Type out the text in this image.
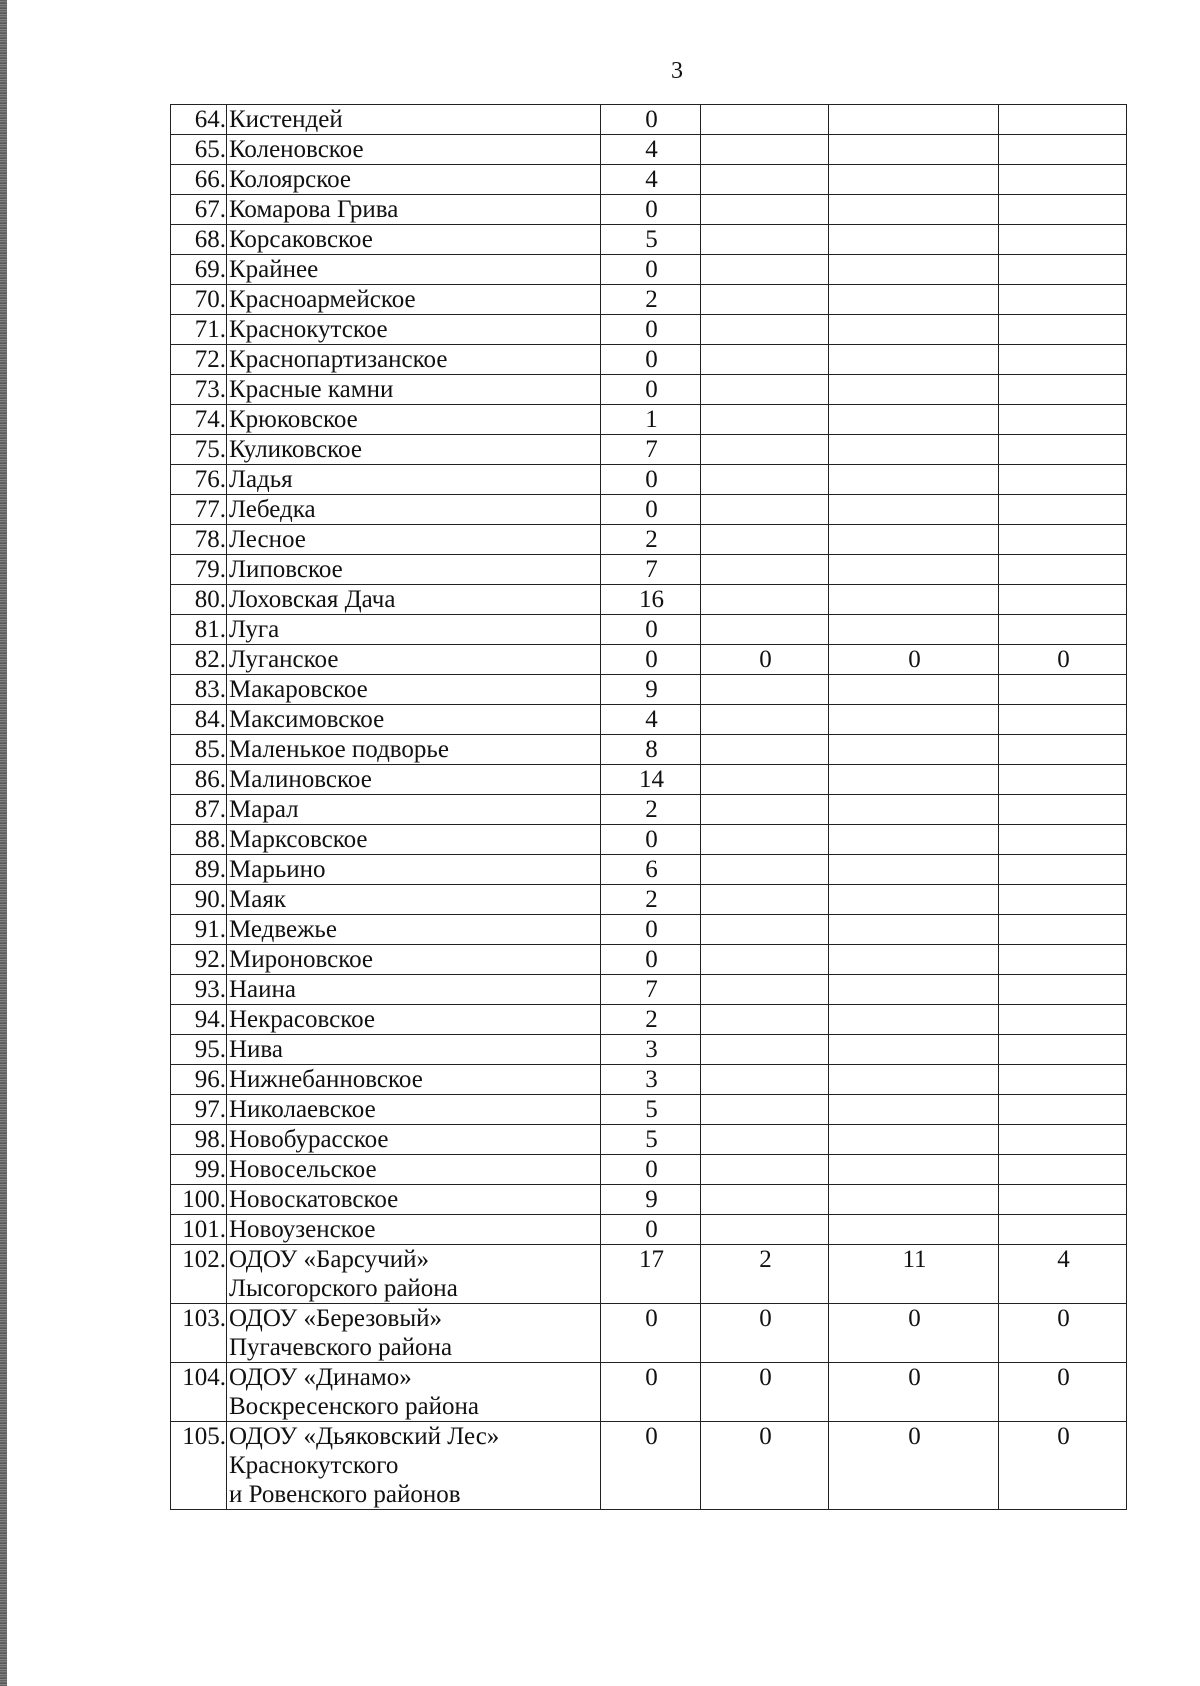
3
64.	Кистендей	0			
65.	Коленовское	4			
66.	Колоярское	4			
67.	Комарова Грива	0			
68.	Корсаковское	5			
69.	Крайнее	0			
70.	Красноармейское	2			
71.	Краснокутское	0			
72.	Краснопартизанское	0			
73.	Красные камни	0			
74.	Крюковское	1			
75.	Куликовское	7			
76.	Ладья	0			
77.	Лебедка	0			
78.	Лесное	2			
79.	Липовское	7			
80.	Лоховская Дача	16			
81.	Луга	0			
82.	Луганское	0	0	0	0
83.	Макаровское	9			
84.	Максимовское	4			
85.	Маленькое подворье	8			
86.	Малиновское	14			
87.	Марал	2			
88.	Марксовское	0			
89.	Марьино	6			
90.	Маяк	2			
91.	Медвежье	0			
92.	Мироновское	0			
93.	Наина	7			
94.	Некрасовское	2			
95.	Нива	3			
96.	Нижнебанновское	3			
97.	Николаевское	5			
98.	Новобурасское	5			
99.	Новосельское	0			
100.	Новоскатовское	9			
101.	Новоузенское	0			
102.	ОДОУ «Барсучий»
Лысогорского района	17	2	11	4
103.	ОДОУ «Березовый»
Пугачевского района	0	0	0	0
104.	ОДОУ «Динамо»
Воскресенского района	0	0	0	0
105.	ОДОУ «Дьяковский Лес»
Краснокутского
и Ровенского районов	0	0	0	0
